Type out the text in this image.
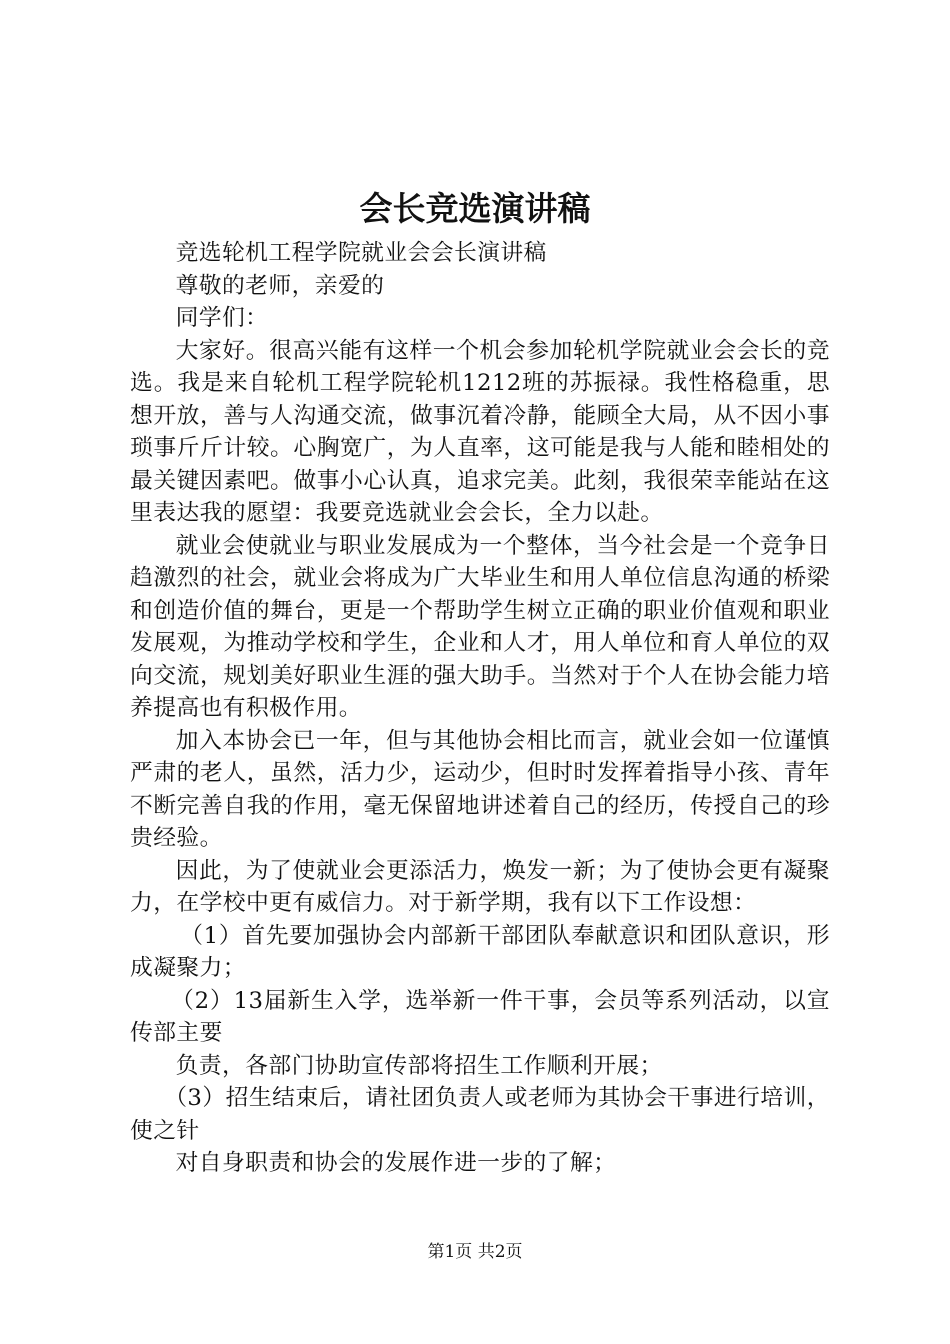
会长竞选演讲稿

竞选轮机工程学院就业会会长演讲稿

尊敬的老师，亲爱的

同学们：

大家好。很高兴能有这样一个机会参加轮机学院就业会会长的竞选。我是来自轮机工程学院轮机1212班的苏振禄。我性格稳重，思想开放，善与人沟通交流，做事沉着冷静，能顾全大局，从不因小事琐事斤斤计较。心胸宽广，为人直率，这可能是我与人能和睦相处的最关键因素吧。做事小心认真，追求完美。此刻，我很荣幸能站在这里表达我的愿望：我要竞选就业会会长，全力以赴。

就业会使就业与职业发展成为一个整体，当今社会是一个竞争日趋激烈的社会，就业会将成为广大毕业生和用人单位信息沟通的桥梁和创造价值的舞台，更是一个帮助学生树立正确的职业价值观和职业发展观，为推动学校和学生，企业和人才，用人单位和育人单位的双向交流，规划美好职业生涯的强大助手。当然对于个人在协会能力培养提高也有积极作用。

加入本协会已一年，但与其他协会相比而言，就业会如一位谨慎严肃的老人，虽然，活力少，运动少，但时时发挥着指导小孩、青年不断完善自我的作用，毫无保留地讲述着自己的经历，传授自己的珍贵经验。

因此，为了使就业会更添活力，焕发一新；为了使协会更有凝聚力，在学校中更有威信力。对于新学期，我有以下工作设想：

（1）首先要加强协会内部新干部团队奉献意识和团队意识，形成凝聚力；

（2）13届新生入学，选举新一件干事，会员等系列活动，以宣传部主要

负责，各部门协助宣传部将招生工作顺利开展；

（3）招生结束后，请社团负责人或老师为其协会干事进行培训，使之针

对自身职责和协会的发展作进一步的了解；

第1页 共2页
